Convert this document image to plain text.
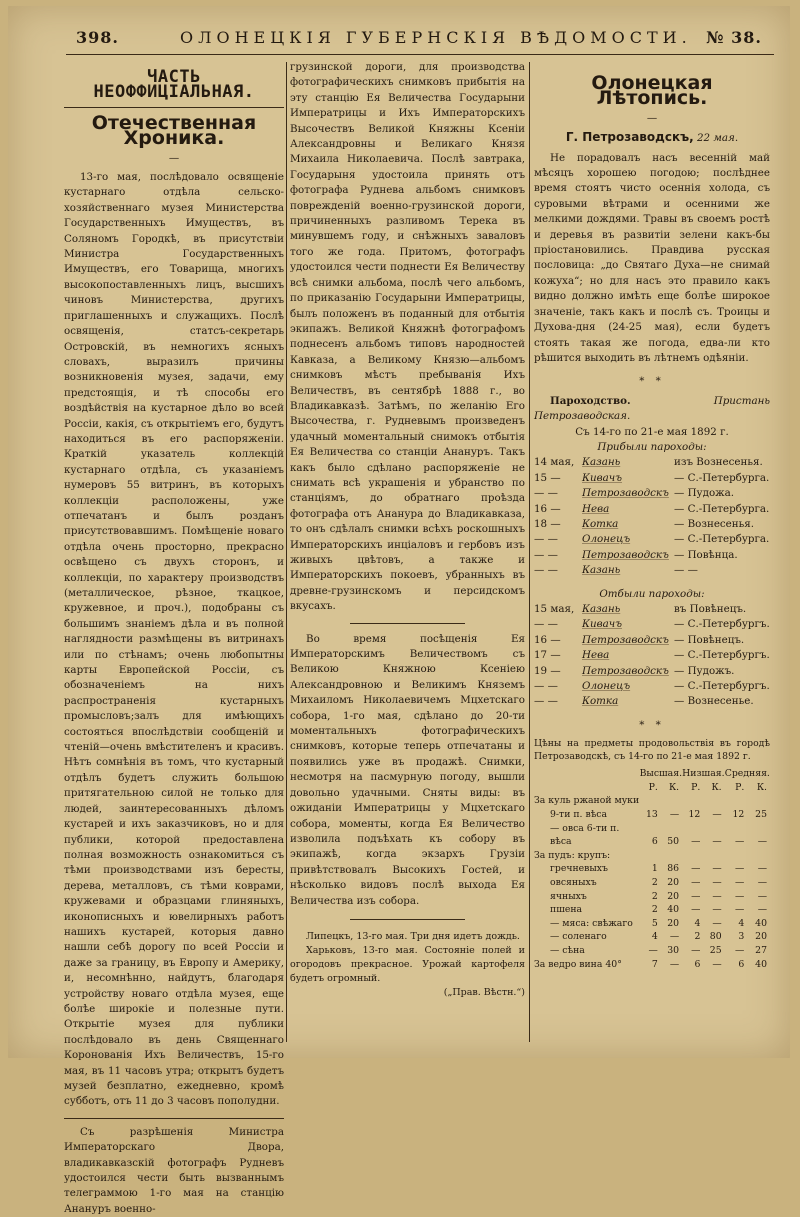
398.	ОЛОНЕЦКІЯ ГУБЕРНСКІЯ ВѢДОМОСТИ. № 38.
ЧАСТЬ НЕОФФИЦІАЛЬНАЯ.
Отечественная Хроника.
—

13-го мая, послѣдовало освященіе кустарнаго отдѣла сельско-хозяйственнаго музея Министерства Государственныхъ Имуществъ, въ Соляномъ Городкѣ, въ присутствіи Министра Государственныхъ Имуществъ, его Товарища, многихъ высокопоставленныхъ лицъ, высшихъ чиновъ Министерства, другихъ приглашенныхъ и служащихъ. Послѣ освященія, статсъ-секретарь Островскій, въ немногихъ ясныхъ словахъ, выразилъ причины возникновенія музея, задачи, ему предстоящія, и тѣ способы его воздѣйствія на кустарное дѣло во всей Россіи, какія, съ открытіемъ его, будутъ находиться въ его распоряженіи. Краткій указатель коллекцій кустарнаго отдѣла, съ указаніемъ нумеровъ 55 витринъ, въ которыхъ коллекціи расположены, уже отпечатанъ и былъ розданъ присутствовавшимъ. Помѣщеніе новаго отдѣла очень просторно, прекрасно освѣщено съ двухъ сторонъ, и коллекціи, по характеру производствъ (металлическое, рѣзное, ткацкое, кружевное, и проч.), подобраны съ большимъ знаніемъ дѣла и въ полной наглядности размѣщены въ витринахъ или по стѣнамъ; очень любопытны карты Европейской Россіи, съ обозначеніемъ на нихъ распространенія кустарныхъ промысловъ;залъ для имѣющихъ состояться впослѣдствіи сообщеній и чтеній—очень вмѣстителенъ и красивъ. Нѣтъ сомнѣнія въ томъ, что кустарный отдѣлъ будетъ служить большою притягательною силой не только для людей, заинтересованныхъ дѣломъ кустарей и ихъ заказчиковъ, но и для публики, которой предоставлена полная возможность ознакомиться съ тѣми производствами изъ бересты, дерева, металловъ, съ тѣми коврами, кружевами и образцами глиняныхъ, иконописныхъ и ювелирныхъ работъ нашихъ кустарей, которыя давно нашли себѣ дорогу по всей Россіи и даже за границу, въ Европу и Америку, и, несомнѣнно, найдутъ, благодаря устройству новаго отдѣла музея, еще болѣе широкіе и полезные пути. Открытіе музея для публики послѣдовало въ день Священнаго Коронованія Ихъ Величествъ, 15-го мая, въ 11 часовъ утра; открытъ будетъ музей безплатно, ежедневно, кромѣ субботъ, отъ 11 до 3 часовъ пополудни.

Съ разрѣшенія Министра Императорскаго Двора, владикавказскій фотографъ Рудневъ удостоился чести быть вызваннымъ телеграммою 1-го мая на станцію Анануръ военно-

грузинской дороги, для производства фотографическихъ снимковъ прибытія на эту станцію Ея Величества Государыни Императрицы и Ихъ Императорскихъ Высочествъ Великой Княжны Ксеніи Александровны и Великаго Князя Михаила Николаевича. Послѣ завтрака, Государыня удостоила принять отъ фотографа Руднева альбомъ снимковъ поврежденій военно-грузинской дороги, причиненныхъ разливомъ Терека въ минувшемъ году, и снѣжныхъ заваловъ того же года. Притомъ, фотографъ удостоился чести поднести Ея Величеству всѣ снимки альбома, послѣ чего альбомъ, по приказанію Государыни Императрицы, былъ положенъ въ поданный для отбытія экипажъ. Великой Княжнѣ фотографомъ поднесенъ альбомъ типовъ народностей Кавказа, а Великому Князю—альбомъ снимковъ мѣстъ пребыванія Ихъ Величествъ, въ сентябрѣ 1888 г., во Владикавказѣ. Затѣмъ, по желанію Его Высочества, г. Рудневымъ произведенъ удачный моментальный снимокъ отбытія Ея Величества со станціи Анануръ. Такъ какъ было сдѣлано распоряженіе не снимать всѣ украшенія и убранство по станціямъ, до обратнаго проѣзда фотографа отъ Ананура до Владикавказа, то онъ сдѣлалъ снимки всѣхъ роскошныхъ Императорскихъ инціаловъ и гербовъ изъ живыхъ цвѣтовъ, а также и Императорскихъ покоевъ, убранныхъ въ древне-грузинскомъ и персидскомъ вкусахъ.

Во время посѣщенія Ея Императорскимъ Величествомъ съ Великою Княжною Ксеніею Александровною и Великимъ Княземъ Михаиломъ Николаевичемъ Мцхетскаго собора, 1-го мая, сдѣлано до 20-ти моментальныхъ фотографическихъ снимковъ, которые теперь отпечатаны и появились уже въ продажѣ. Снимки, несмотря на пасмурную погоду, вышли довольно удачными. Сняты виды: въ ожиданіи Императрицы у Мцхетскаго собора, моменты, когда Ея Величество изволила подъѣхать къ собору въ экипажѣ, когда экзархъ Грузіи привѣтствовалъ Высокихъ Гостей, и нѣсколько видовъ послѣ выхода Ея Величества изъ собора.

Липецкъ, 13-го мая. Три дня идетъ дождь.

Харьковъ, 13-го мая. Состояніе полей и огородовъ прекрасное. Урожай картофеля будетъ огромный.

(„Прав. Вѣстн.“)

Олонецкая Лѣтопись.
—
Г. Петрозаводскъ, 22 мая.

Не порадовалъ насъ весенній май мѣсяцъ хорошею погодою; послѣднее время стоятъ чисто осеннія холода, съ суровыми вѣтрами и осенними же мелкими дождями. Травы въ своемъ ростѣ и деревья въ развитіи зелени какъ-бы пріостановились. Правдива русская пословица: „до Святаго Духа—не снимай кожуха“; но для насъ это правило какъ видно должно имѣть еще болѣе широкое значеніе, такъ какъ и послѣ съ. Троицы и Духова-дня (24-25 мая), если будетъ стоять такая же погода, едва-ли кто рѣшится выходить въ лѣтнемъ одѣяніи.

* *
Пароходство.	Пристань Петрозаводская.
Съ 14-го по 21-е мая 1892 г.
Прибыли пароходы:
14 мая,	Казань	изъ Вознесенья.
15 —	Кивачъ	— С.-Петербурга.
— —	Петрозаводскъ	— Пудожа.
16 —	Нева	— С.-Петербурга.
18 —	Котка	— Вознесенья.
— —	Олонецъ	— С.-Петербурга.
— —	Петрозаводскъ	— Повѣнца.
— —	Казань	— —
Отбыли пароходы:
15 мая,	Казань	въ Повѣнецъ.
— —	Кивачъ	— С.-Петербургъ.
16 —	Петрозаводскъ	— Повѣнецъ.
17 —	Нева	— С.-Петербургъ.
19 —	Петрозаводскъ	— Пудожъ.
— —	Олонецъ	— С.-Петербургъ.
— —	Котка	— Вознесенье.
* *
Цѣны на предметы продовольствія въ городѣ Петрозаводскѣ, съ 14-го по 21-е мая 1892 г.
	Высшая.		Низшая.		Средняя.	
	Р.	К.	Р.	К.	Р.	К.
За куль ржаной муки						
9-ти п. вѣса	13	—	12	—	12	25
— овса 6-ти п.						
вѣса	6	50	—	—	—	—
За пудъ: крупъ:						
гречневыхъ	1	86	—	—	—	—
овсяныхъ	2	20	—	—	—	—
ячныхъ	2	20	—	—	—	—
пшена	2	40	—	—	—	—
— мяса: свѣжаго	5	20	4	—	4	40
— соленаго	4	—	2	80	3	20
— сѣна	—	30	—	25	—	27
За ведро вина 40°	7	—	6	—	6	40
